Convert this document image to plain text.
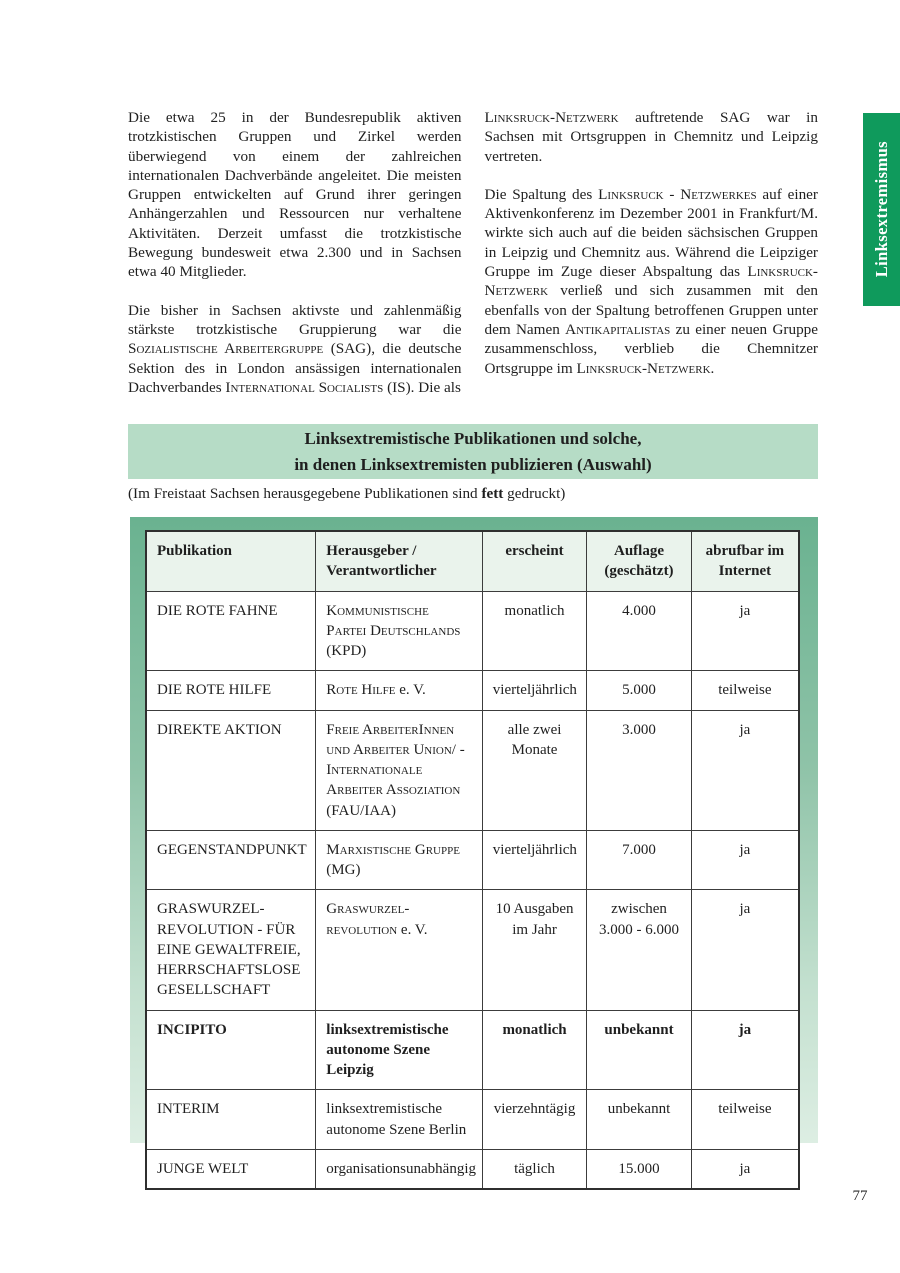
Die etwa 25 in der Bundesrepublik aktiven trotzkistischen Gruppen und Zirkel werden überwiegend von einem der zahlreichen internationalen Dachverbände angeleitet. Die meisten Gruppen entwickelten auf Grund ihrer geringen Anhängerzahlen und Ressourcen nur verhaltene Aktivitäten. Derzeit umfasst die trotzkistische Bewegung bundesweit etwa 2.300 und in Sachsen etwa 40 Mitglieder.

Die bisher in Sachsen aktivste und zahlenmäßig stärkste trotzkistische Gruppierung war die Sozialistische Arbeitergruppe (SAG), die deutsche Sektion des in London ansässigen internationalen Dachverbandes International Socialists (IS). Die als

Linksruck-Netzwerk auftretende SAG war in Sachsen mit Ortsgruppen in Chemnitz und Leipzig vertreten.

Die Spaltung des Linksruck - Netzwerkes auf einer Aktivenkonferenz im Dezember 2001 in Frankfurt/M. wirkte sich auch auf die beiden sächsischen Gruppen in Leipzig und Chemnitz aus. Während die Leipziger Gruppe im Zuge dieser Abspaltung das Linksruck-Netzwerk verließ und sich zusammen mit den ebenfalls von der Spaltung betroffenen Gruppen unter dem Namen Antikapitalistas zu einer neuen Gruppe zusammenschloss, verblieb die Chemnitzer Ortsgruppe im Linksruck-Netzwerk.

Linksextremismus
Linksextremistische Publikationen und solche,
in denen Linksextremisten publizieren (Auswahl)

(Im Freistaat Sachsen herausgegebene Publikationen sind fett gedruckt)

Publikation	Herausgeber / Verantwortlicher	erscheint	Auflage (geschätzt)	abrufbar im Internet
DIE ROTE FAHNE	Kommunistische Partei Deutschlands (KPD)	monatlich	4.000	ja
DIE ROTE HILFE	Rote Hilfe e. V.	vierteljährlich	5.000	teilweise
DIREKTE AKTION	Freie ArbeiterInnen und Arbeiter Union/ - Internationale Arbeiter Assoziation (FAU/IAA)	alle zwei Monate	3.000	ja
GEGENSTANDPUNKT	Marxistische Gruppe (MG)	vierteljährlich	7.000	ja
GRASWURZEL-REVOLUTION - FÜR EINE GEWALTFREIE, HERRSCHAFTSLOSE GESELLSCHAFT	Graswurzel-revolution e. V.	10 Ausgaben im Jahr	zwischen 3.000 - 6.000	ja
INCIPITO	linksextremistische autonome Szene Leipzig	monatlich	unbekannt	ja
INTERIM	linksextremistische autonome Szene Berlin	vierzehntägig	unbekannt	teilweise
JUNGE WELT	organisationsunabhängig	täglich	15.000	ja
77
